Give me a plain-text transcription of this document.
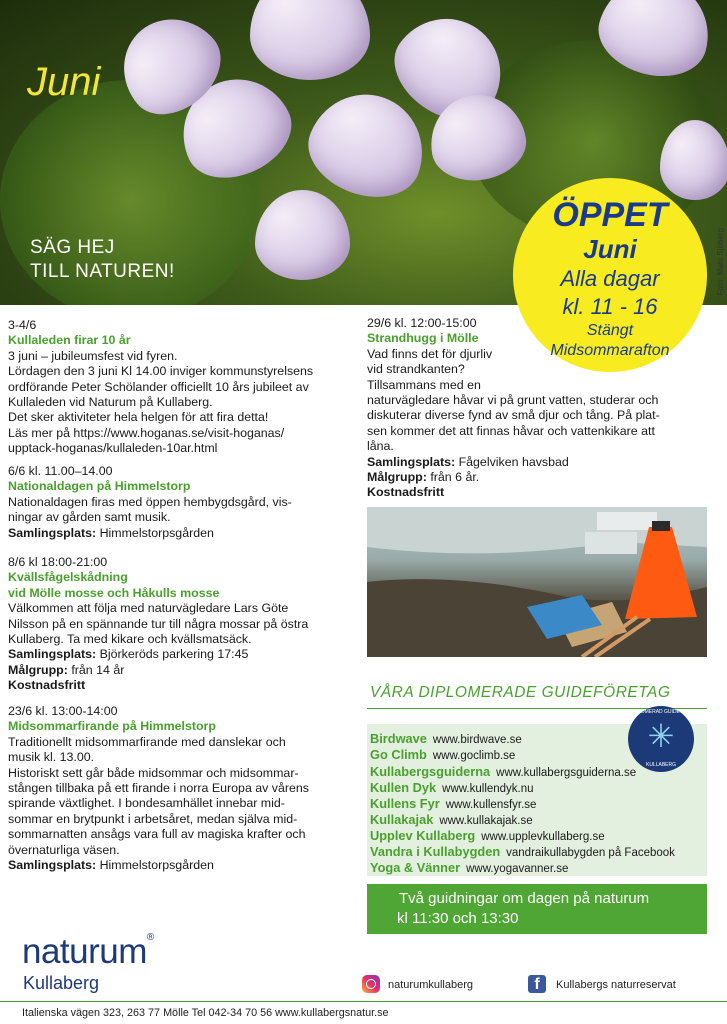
Juni
SÄG HEJ
TILL NATUREN!	Foto: Mats Sjöberg
3-4/6
Kullaleden firar 10 år
3 juni – jubileumsfest vid fyren.
Lördagen den 3 juni Kl 14.00 inviger kommunstyrelsens
ordförande Peter Schölander officiellt 10 års jubileet av
Kullaleden vid Naturum på Kullaberg.
Det sker aktiviteter hela helgen för att fira detta!
Läs mer på https://www.hoganas.se/visit-hoganas/
upptack-hoganas/kullaleden-10ar.html
6/6 kl. 11.00–14.00
Nationaldagen på Himmelstorp
Nationaldagen firas med öppen hembygdsgård, vis-
ningar av gården samt musik.
Samlingsplats: Himmelstorpsgården
8/6 kl 18:00-21:00
Kvällsfågelskådning
vid Mölle mosse och Håkulls mosse
Välkommen att följa med naturvägledare Lars Göte
Nilsson på en spännande tur till några mossar på östra
Kullaberg. Ta med kikare och kvällsmatsäck.
Samlingsplats: Björkeröds parkering 17:45
Målgrupp: från 14 år
Kostnadsfritt
23/6 kl. 13:00-14:00
Midsommarfirande på Himmelstorp
Traditionellt midsommarfirande med danslekar och
musik kl. 13.00.
Historiskt sett går både midsommar och midsommar-
stången tillbaka på ett firande i norra Europa av vårens
spirande växtlighet. I bondesamhället innebar mid-
sommar en brytpunkt i arbetsåret, medan själva mid-
sommarnatten ansågs vara full av magiska krafter och
övernaturliga väsen.
Samlingsplats: Himmelstorpsgården
29/6 kl. 12:00-15:00
Strandhugg i Mölle
Vad finns det för djurliv
vid strandkanten?
Tillsammans med en
naturvägledare håvar vi på grunt vatten, studerar och
diskuterar diverse fynd av små djur och tång. På plat-
sen kommer det att finnas håvar och vattenkikare att
låna.
Samlingsplats: Fågelviken havsbad
Målgrupp: från 6 år.
Kostnadsfritt
ÖPPET
Juni
Alla dagar
kl. 11 - 16
Stängt
Midsommarafton
VÅRA DIPLOMERADE GUIDEFÖRETAG
Birdwave www.birdwave.se
Go Climb www.goclimb.se
Kullabergsguiderna www.kullabergsguiderna.se
Kullen Dyk www.kullendyk.nu
Kullens Fyr www.kullensfyr.se
Kullakajak www.kullakajak.se
Upplev Kullaberg www.upplevkullaberg.se
Vandra i Kullabygden vandraikullabygden på Facebook
Yoga & Vänner www.yogavanner.se
DIPLOMERAD GUIDE 2020
✳
KULLABERG
Två guidningar om dagen på naturum
kl 11:30 och 13:30
naturum®
Kullaberg	naturumkullaberg	f	Kullabergs naturreservat
Italienska vägen 323, 263 77 Mölle Tel 042-34 70 56 www.kullabergsnatur.se
